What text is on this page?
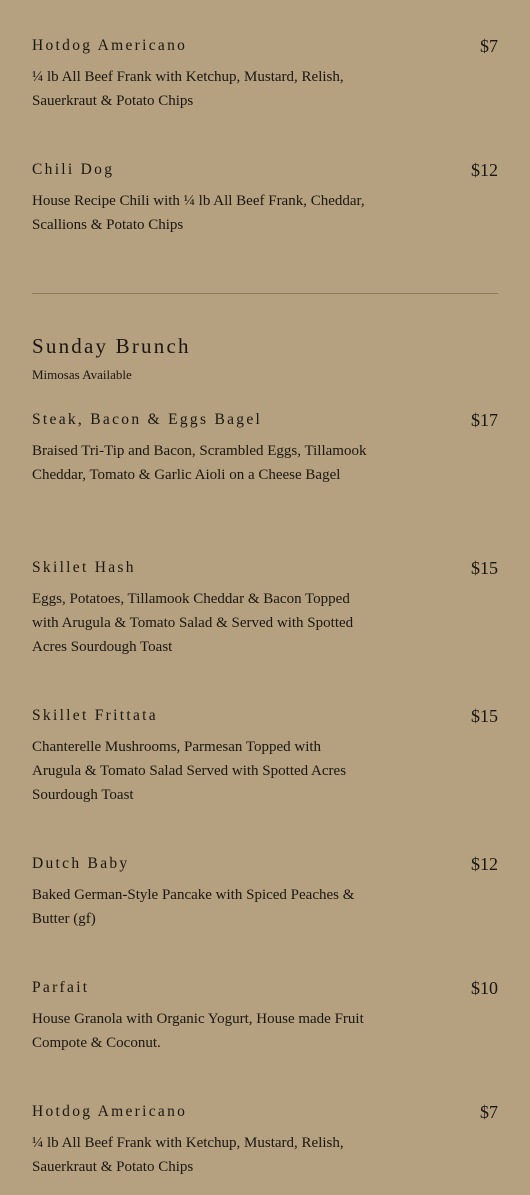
Hotdog Americano	$7
¼ lb All Beef Frank with Ketchup, Mustard, Relish, Sauerkraut & Potato Chips
Chili Dog	$12
House Recipe Chili with ¼ lb All Beef Frank, Cheddar, Scallions & Potato Chips
Sunday Brunch
Mimosas Available
Steak, Bacon & Eggs Bagel	$17
Braised Tri-Tip and Bacon, Scrambled Eggs, Tillamook Cheddar, Tomato & Garlic Aioli on a Cheese Bagel
Skillet Hash	$15
Eggs, Potatoes, Tillamook Cheddar & Bacon Topped with Arugula & Tomato Salad & Served with Spotted Acres Sourdough Toast
Skillet Frittata	$15
Chanterelle Mushrooms, Parmesan Topped with Arugula & Tomato Salad Served with Spotted Acres Sourdough Toast
Dutch Baby	$12
Baked German-Style Pancake with Spiced Peaches & Butter (gf)
Parfait	$10
House Granola with Organic Yogurt, House made Fruit Compote & Coconut.
Hotdog Americano	$7
¼ lb All Beef Frank with Ketchup, Mustard, Relish, Sauerkraut & Potato Chips
